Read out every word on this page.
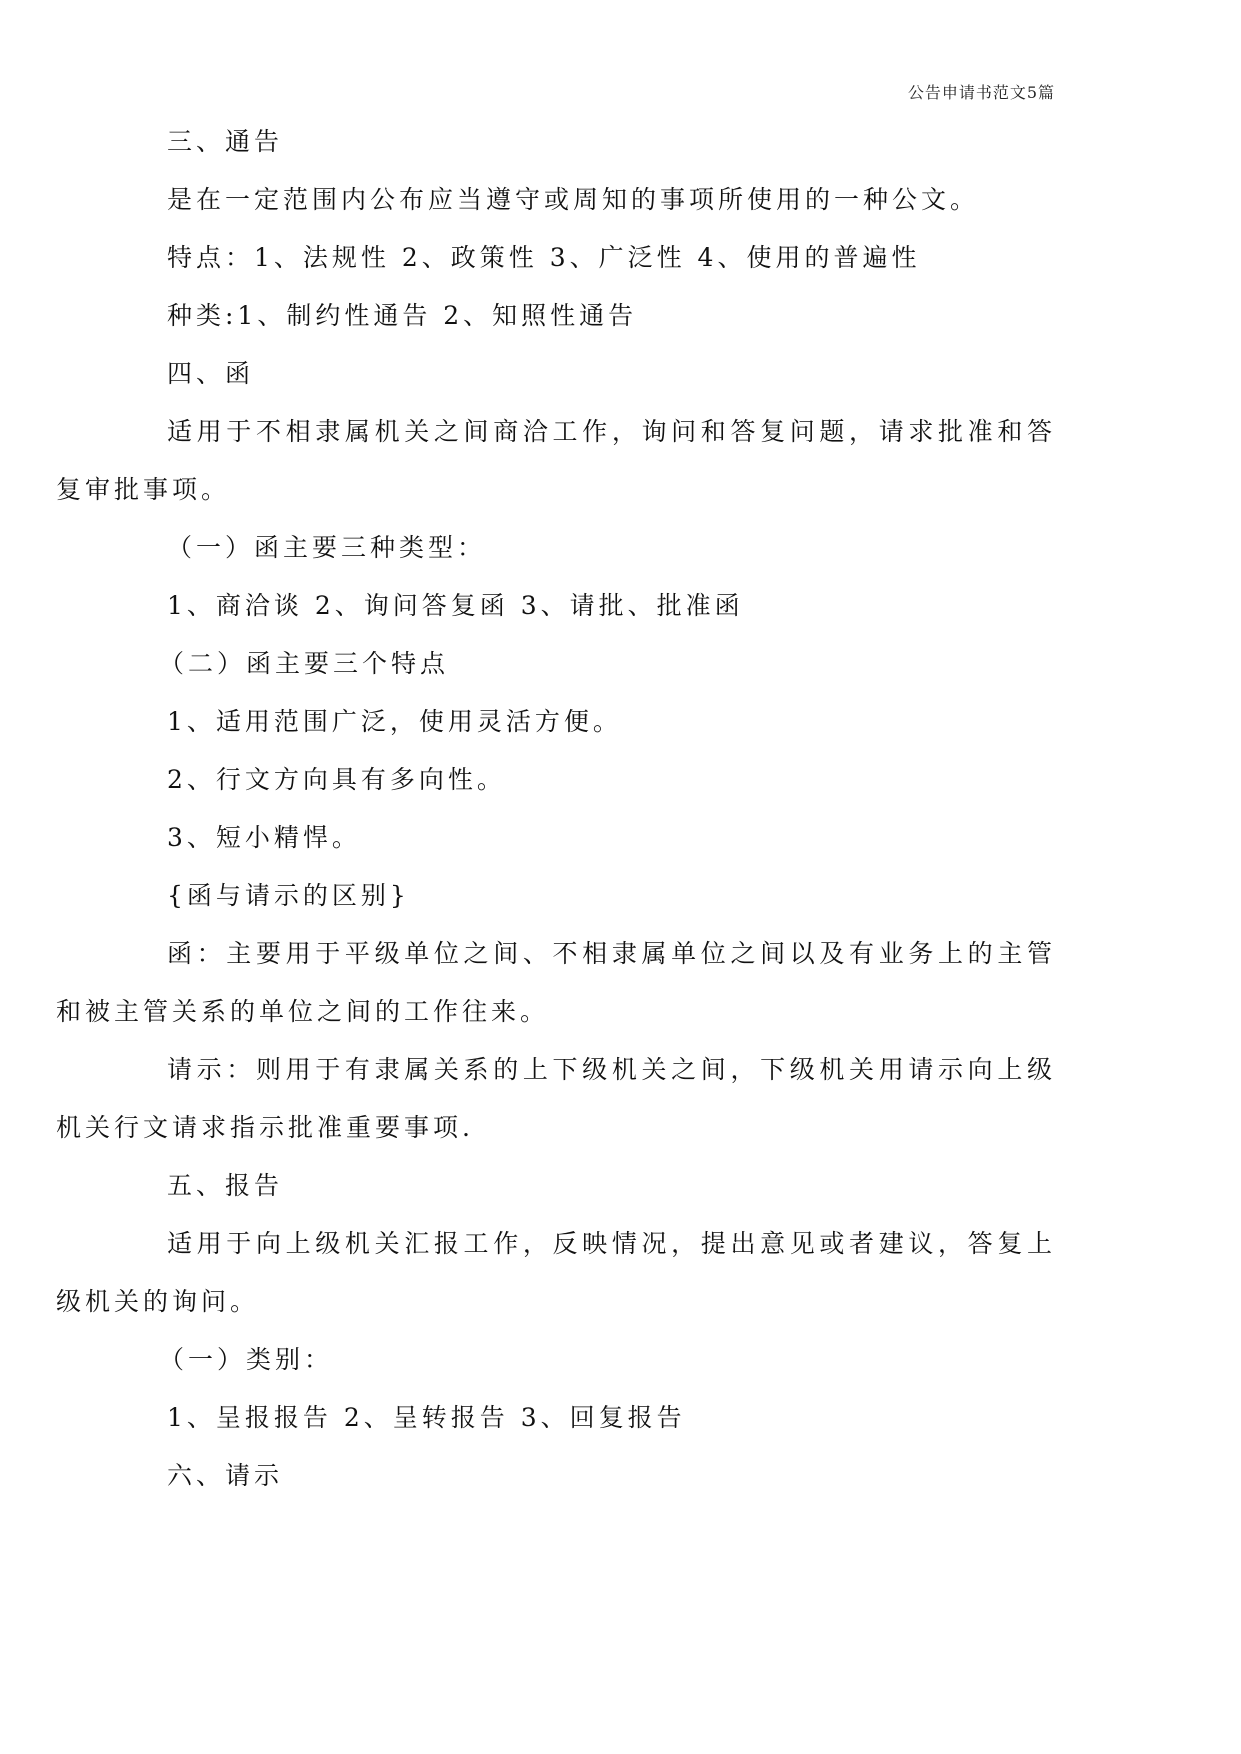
公告申请书范文5篇

三、通告

是在一定范围内公布应当遵守或周知的事项所使用的一种公文。

特点：1、法规性 2、政策性 3、广泛性 4、使用的普遍性

种类:1、制约性通告 2、知照性通告

四、函

适用于不相隶属机关之间商洽工作，询问和答复问题，请求批准和答复审批事项。

（一）函主要三种类型：

1、商洽谈 2、询问答复函 3、请批、批准函

（二）函主要三个特点

1、适用范围广泛，使用灵活方便。

2、行文方向具有多向性。

3、短小精悍。

{函与请示的区别}

函：主要用于平级单位之间、不相隶属单位之间以及有业务上的主管和被主管关系的单位之间的工作往来。

请示：则用于有隶属关系的上下级机关之间，下级机关用请示向上级机关行文请求指示批准重要事项.

五、报告

适用于向上级机关汇报工作，反映情况，提出意见或者建议，答复上级机关的询问。

（一）类别：

1、呈报报告 2、呈转报告 3、回复报告

六、请示
